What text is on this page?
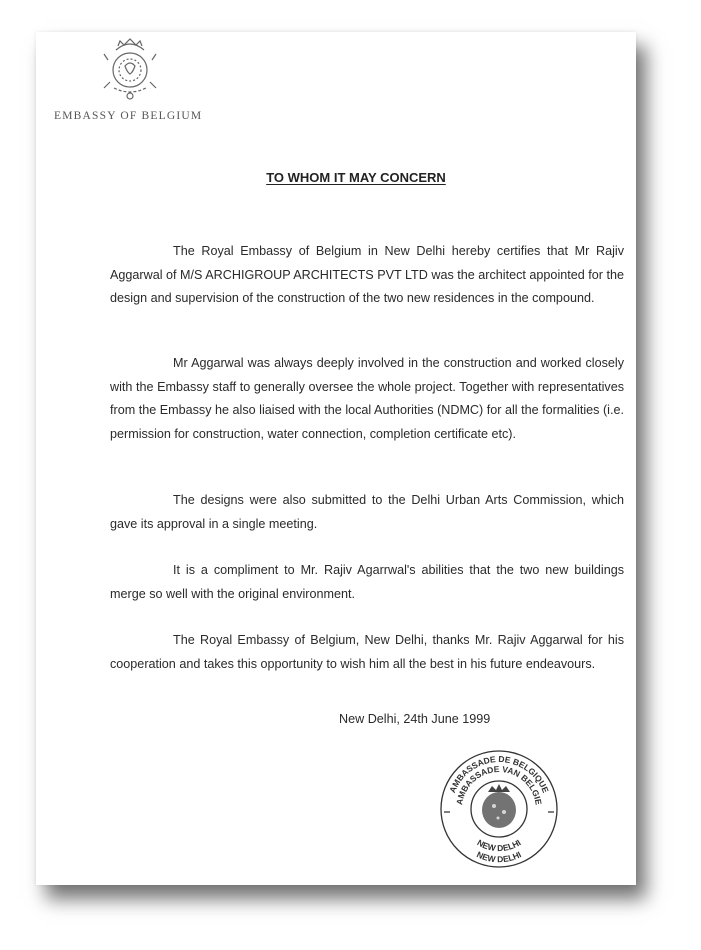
EMBASSY OF BELGIUM
TO WHOM IT MAY CONCERN

The Royal Embassy of Belgium in New Delhi hereby certifies that Mr Rajiv Aggarwal of M/S ARCHIGROUP ARCHITECTS PVT LTD was the architect appointed for the design and supervision of the construction of the two new residences in the compound.

Mr Aggarwal was always deeply involved in the construction and worked closely with the Embassy staff to generally oversee the whole project. Together with representatives from the Embassy he also liaised with the local Authorities (NDMC) for all the formalities (i.e. permission for construction, water connection, completion certificate etc).

The designs were also submitted to the Delhi Urban Arts Commission, which gave its approval in a single meeting.

It is a compliment to Mr. Rajiv Agarrwal's abilities that the two new buildings merge so well with the original environment.

The Royal Embassy of Belgium, New Delhi, thanks Mr. Rajiv Aggarwal for his cooperation and takes this opportunity to wish him all the best in his future endeavours.

New Delhi, 24th June 1999
AMBASSADE DE BELGIQUE
AMBASSADE VAN BELGIE
NEW DELHI
NEW DELHI
